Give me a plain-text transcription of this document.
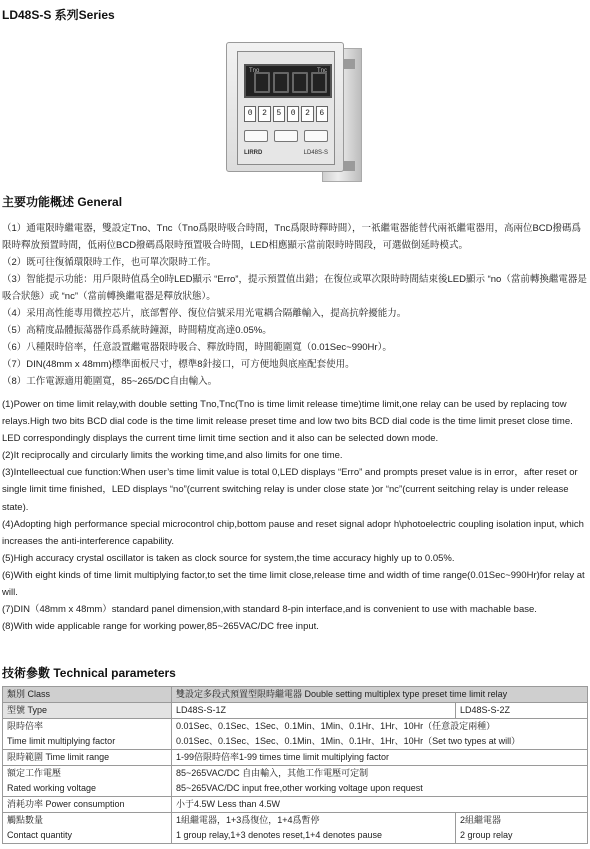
LD48S-S 系列Series
Tno	Tnc
0	2	5	0	2	6
LIRRD	LD48S-S
主要功能概述 General

（1）通電限時繼電器，雙設定Tno、Tnc（Tno爲限時吸合時間，Tnc爲限時釋時間），一祇繼電器能替代兩祇繼電器用，高兩位BCD撥碼爲限時釋放預置時間，低兩位BCD撥碼爲限時預置吸合時間，LED相應顯示當前限時時間段，可選做倒延時模式。

（2）既可往復循環限時工作，也可單次限時工作。

（3）智能提示功能：用戶限時值爲全0時LED顯示 “Erro”，提示預置值出錯；在復位或單次限時時間結束後LED顯示 “no（當前轉換繼電器是吸合狀態）或 “nc”（當前轉換繼電器是釋放狀態）。

（4）采用高性能專用微控芯片，底部暫停、復位信號采用光電耦合隔離輸入，提高抗幹擾能力。

（5）高精度晶體振蕩器作爲系統時鐘源，時間精度高達0.05%。

（6）八種限時倍率，任意設置繼電器限時吸合、釋放時間，時間範圍寬（0.01Sec~990Hr）。

（7）DIN(48mm x 48mm)標準面板尺寸，標準8針接口，可方便地與底座配套使用。

（8）工作電源適用範圍寬，85~265/DC自由輸入。

(1)Power on time limit relay,with double setting Tno,Tnc(Tno is time limit release time)time limit,one relay can be used by replacing tow relays.High two bits BCD dial code is the time limit release preset time and low two bits BCD dial code is the time limit preset close time. LED correspondingly displays the current time limit time section and it also can be selected down mode.

(2)It reciprocally and circularly limits the working time,and also limits for one time.

(3)Intelleectual cue function:When user’s time limit value is total 0,LED displays “Erro” and prompts preset value is in error，after reset or single limit time finished，LED displays “no”(current switching relay is under close state )or “nc”(current seitching relay is under release state).

(4)Adopting high performance special microcontrol chip,bottom pause and reset signal adopr h\photoelectric coupling isolation input, which increases the anti-interference capability.

(5)High accuracy crystal oscillator is taken as clock source for system,the time accuracy highly up to 0.05%.

(6)With eight kinds of time limit multiplying factor,to set the time limit close,release time and width of time range(0.01Sec~990Hr)for relay at will.

(7)DIN（48mm x 48mm）standard panel dimension,with standard 8-pin interface,and is convenient to use with machable base.

(8)With wide applicable range for working power,85~265VAC/DC free input.

技術參數 Technical parameters
類別 Class	雙設定多段式預置型限時繼電器 Double setting multiplex type preset time limit relay	
型號 Type	LD48S-S-1Z	LD48S-S-2Z
限時倍率	0.01Sec、0.1Sec、1Sec、0.1Min、1Min、0.1Hr、1Hr、10Hr（任意設定兩種）	
Time limit multiplying factor	0.01Sec、0.1Sec、1Sec、0.1Min、1Min、0.1Hr、1Hr、10Hr（Set two types at will）	
限時範圍 Time limit range	1-99倍限時倍率1-99 times time limit multiplying factor	
額定工作電壓	85~265VAC/DC 自由輸入，其他工作電壓可定制	
Rated working voltage	85~265VAC/DC input free,other working voltage upon request	
消耗功率 Power consumption	小于4.5W Less than 4.5W	
觸點數量	1組繼電器，1+3爲復位，1+4爲暫停	2組繼電器
Contact quantity	1 group relay,1+3 denotes reset,1+4 denotes pause	2 group relay
